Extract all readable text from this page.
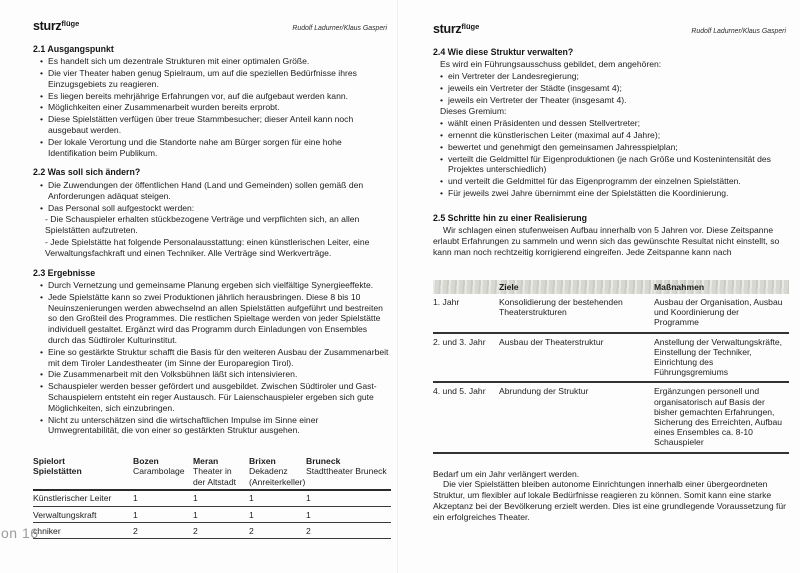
sturz$^{flüge}$
Rudolf Ladurner/Klaus Gasperi
2.1 Ausgangspunkt
• Es handelt sich um dezentrale Strukturen mit einer optimalen Größe.
• Die vier Theater haben genug Spielraum, um auf die speziellen Bedürfnisse ihres Einzugsgebiets zu reagieren.
• Es liegen bereits mehrjährige Erfahrungen vor, auf die aufgebaut werden kann.
• Möglichkeiten einer Zusammenarbeit wurden bereits erprobt.
• Diese Spielstätten verfügen über treue Stammbesucher; dieser Anteil kann noch ausgebaut werden.
• Der lokale Verortung und die Standorte nahe am Bürger sorgen für eine hohe Identifikation beim Publikum.
2.2 Was soll sich ändern?
• Die Zuwendungen der öffentlichen Hand (Land und Gemeinden) sollen gemäß den Anforderungen adäquat steigen.
• Das Personal soll aufgestockt werden:
- Die Schauspieler erhalten stückbezogene Verträge und verpflichten sich, an allen Spielstätten aufzutreten.
- Jede Spielstätte hat folgende Personalausstattung: einen künstlerischen Leiter, eine Verwaltungsfachkraft und einen Techniker. Alle Verträge sind Werkverträge.
2.3 Ergebnisse
• Durch Vernetzung und gemeinsame Planung ergeben sich vielfältige Synergieeffekte.
• Jede Spielstätte kann so zwei Produktionen jährlich herausbringen. Diese 8 bis 10 Neuinszenierungen werden abwechselnd an allen Spielstätten aufgeführt und bestreiten so den Großteil des Programmes. Die restlichen Spieltage werden von jeder Spielstätte individuell gestaltet. Ergänzt wird das Programm durch Einladungen von Ensembles durch das Südtiroler Kulturinstitut.
• Eine so gestärkte Struktur schafft die Basis für den weiteren Ausbau der Zusammenarbeit mit dem Tiroler Landestheater (im Sinne der Europaregion Tirol).
• Die Zusammenarbeit mit den Volksbühnen läßt sich intensivieren.
• Schauspieler werden besser gefördert und ausgebildet. Zwischen Südtiroler und Gast-Schauspielern entsteht ein reger Austausch. Für Laienschauspieler ergeben sich gute Möglichkeiten, sich einzubringen.
• Nicht zu unterschätzen sind die wirtschaftlichen Impulse im Sinne einer Umwegrentabilität, die von einer so gestärkten Struktur ausgehen.
Spielort	Bozen	Meran	Brixen	Bruneck
Spielstätten	Carambolage	Theater in der Altstadt	Dekadenz (Anreiterkeller)	Stadttheater Bruneck
Künstlerischer Leiter	1	1	1	1
Verwaltungskraft	1	1	1	1
chniker	2	2	2	2
sturz$^{flüge}$
Rudolf Ladurner/Klaus Gasperi
2.4 Wie diese Struktur verwalten?
Es wird ein Führungsausschuss gebildet, dem angehören:
• ein Vertreter der Landesregierung;
• jeweils ein Vertreter der Städte (insgesamt 4);
• jeweils ein Vertreter der Theater (insgesamt 4).
Dieses Gremium:
• wählt einen Präsidenten und dessen Stellvertreter;
• ernennt die künstlerischen Leiter (maximal auf 4 Jahre);
• bewertet und genehmigt den gemeinsamen Jahresspielplan;
• verteilt die Geldmittel für Eigenproduktionen (je nach Größe und Kostenintensität des Projektes unterschiedlich)
• und verteilt die Geldmittel für das Eigenprogramm der einzelnen Spielstätten.
• Für jeweils zwei Jahre übernimmt eine der Spielstätten die Koordinierung.
2.5 Schritte hin zu einer Realisierung
Wir schlagen einen stufenweisen Aufbau innerhalb von 5 Jahren vor. Diese Zeitspanne erlaubt Erfahrungen zu sammeln und wenn sich das gewünschte Resultat nicht einstellt, so kann man noch rechtzeitig korrigierend eingreifen. Jede Zeitspanne kann nach
	Ziele	Maßnahmen
1. Jahr	Konsolidierung der bestehenden Theaterstrukturen	Ausbau der Organisation, Ausbau und Koordinierung der Programme
2. und 3. Jahr	Ausbau der Theaterstruktur	Anstellung der Verwaltungskräfte, Einstellung der Techniker, Einrichtung des Führungsgremiums
4. und 5. Jahr	Abrundung der Struktur	Ergänzungen personell und organisatorisch auf Basis der bisher gemachten Erfahrungen, Sicherung des Erreichten, Aufbau eines Ensembles ca. 8-10 Schauspieler
Bedarf um ein Jahr verlängert werden.
Die vier Spielstätten bleiben autonome Einrichtungen innerhalb einer übergeordneten Struktur, um flexibler auf lokale Bedürfnisse reagieren zu können. Somit kann eine starke Akzeptanz bei der Bevölkerung erzielt werden. Dies ist eine grundlegende Voraussetzung für ein erfolgreiches Theater.
on 16
